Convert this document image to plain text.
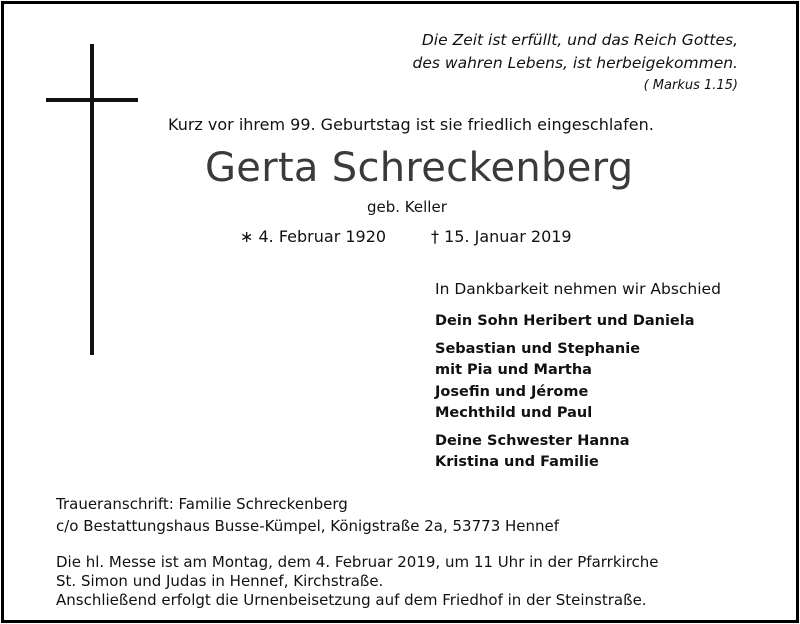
Die Zeit ist erfüllt, und das Reich Gottes,
des wahren Lebens, ist herbeigekommen.
( Markus 1.15)
Kurz vor ihrem 99. Geburtstag ist sie friedlich eingeschlafen.
Gerta Schreckenberg
geb. Keller
∗ 4. Februar 1920	† 15. Januar 2019
In Dankbarkeit nehmen wir Abschied
Dein Sohn Heribert und Daniela
Sebastian und Stephanie
mit Pia und Martha
Josefin und Jérome
Mechthild und Paul
Deine Schwester Hanna
Kristina und Familie
Traueranschrift: Familie Schreckenberg
c/o Bestattungshaus Busse-Kümpel, Königstraße 2a, 53773 Hennef
Die hl. Messe ist am Montag, dem 4. Februar 2019, um 11 Uhr in der Pfarrkirche
St. Simon und Judas in Hennef, Kirchstraße.
Anschließend erfolgt die Urnenbeisetzung auf dem Friedhof in der Steinstraße.
